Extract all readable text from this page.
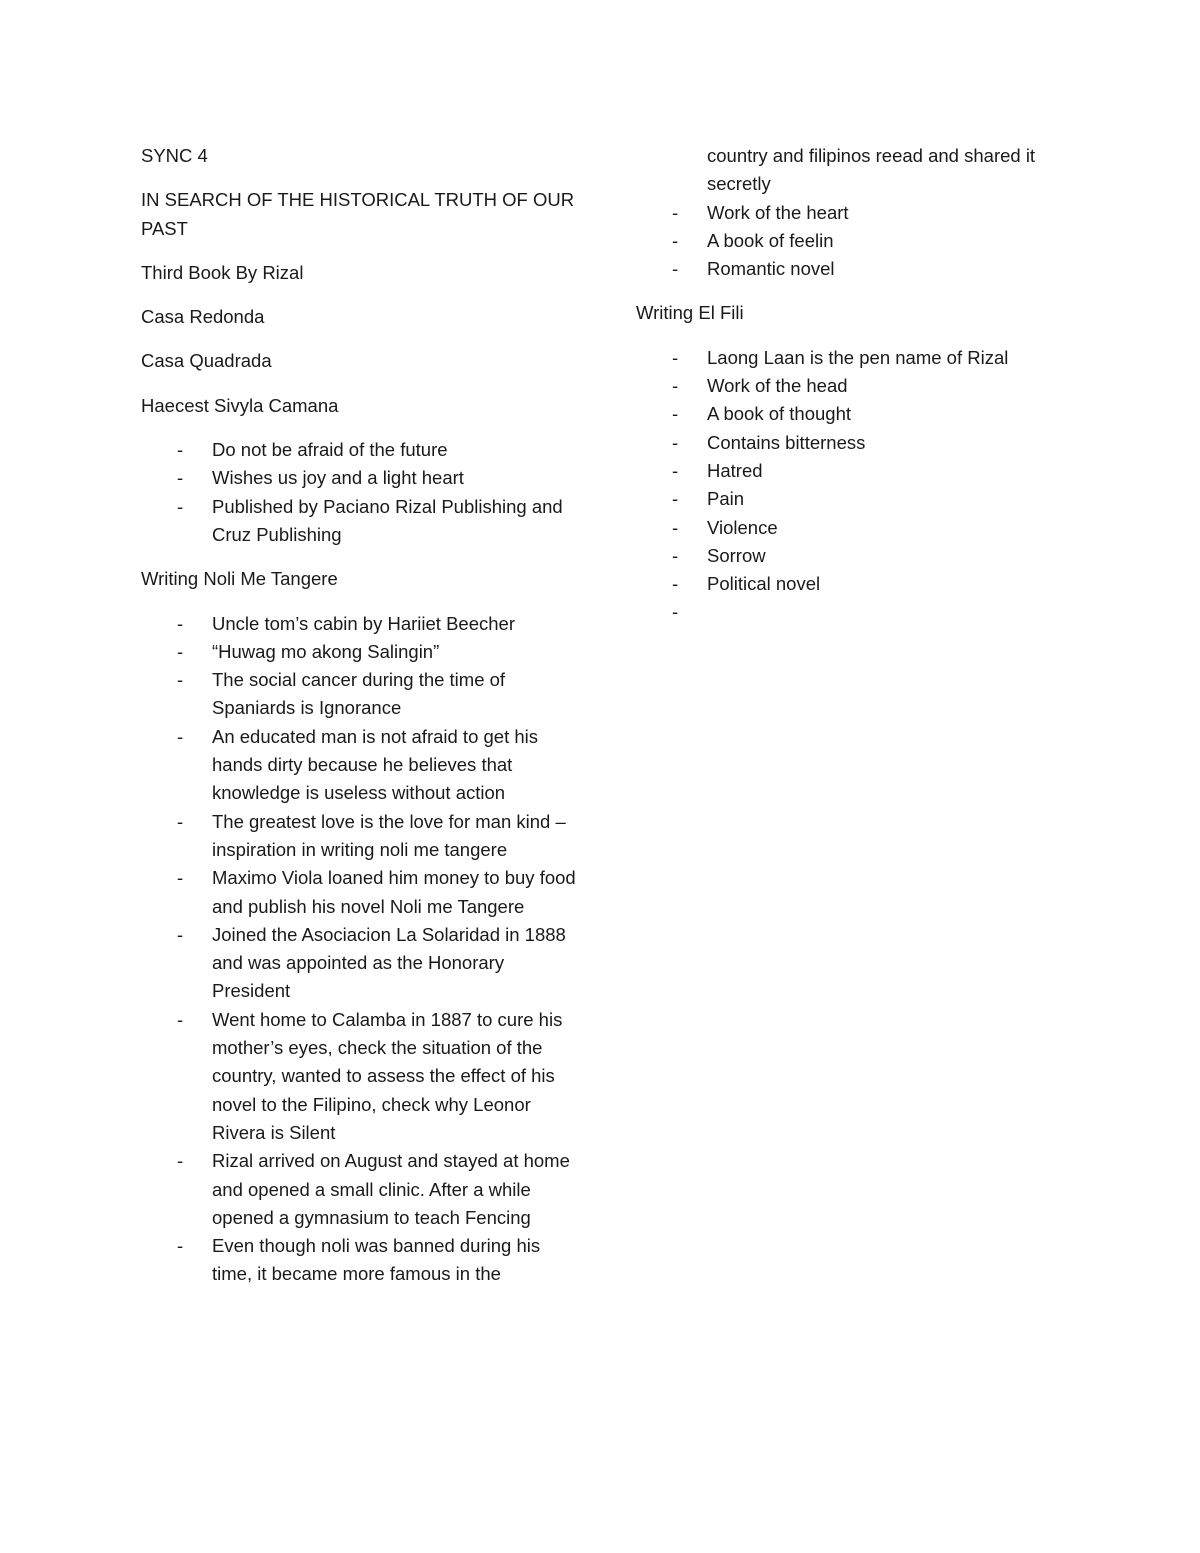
SYNC 4

IN SEARCH OF THE HISTORICAL TRUTH OF OUR PAST

Third Book By Rizal

Casa Redonda

Casa Quadrada

Haecest Sivyla Camana

- Do not be afraid of the future
- Wishes us joy and a light heart
- Published by Paciano Rizal Publishing and Cruz Publishing

Writing Noli Me Tangere

- Uncle tom’s cabin by Hariiet Beecher
- “Huwag mo akong Salingin”
- The social cancer during the time of Spaniards is Ignorance
- An educated man is not afraid to get his hands dirty because he believes that knowledge is useless without action
- The greatest love is the love for man kind – inspiration in writing noli me tangere
- Maximo Viola loaned him money to buy food and publish his novel Noli me Tangere
- Joined the Asociacion La Solaridad in 1888 and was appointed as the Honorary President
- Went home to Calamba in 1887 to cure his mother’s eyes, check the situation of the country, wanted to assess the effect of his novel to the Filipino, check why Leonor Rivera is Silent
- Rizal arrived on August and stayed at home and opened a small clinic. After a while opened a gymnasium to teach Fencing
- Even though noli was banned during his time, it became more famous in the

country and filipinos reead and shared it secretly

- Work of the heart
- A book of feelin
- Romantic novel

Writing El Fili

- Laong Laan is the pen name of Rizal
- Work of the head
- A book of thought
- Contains bitterness
- Hatred
- Pain
- Violence
- Sorrow
- Political novel
-
